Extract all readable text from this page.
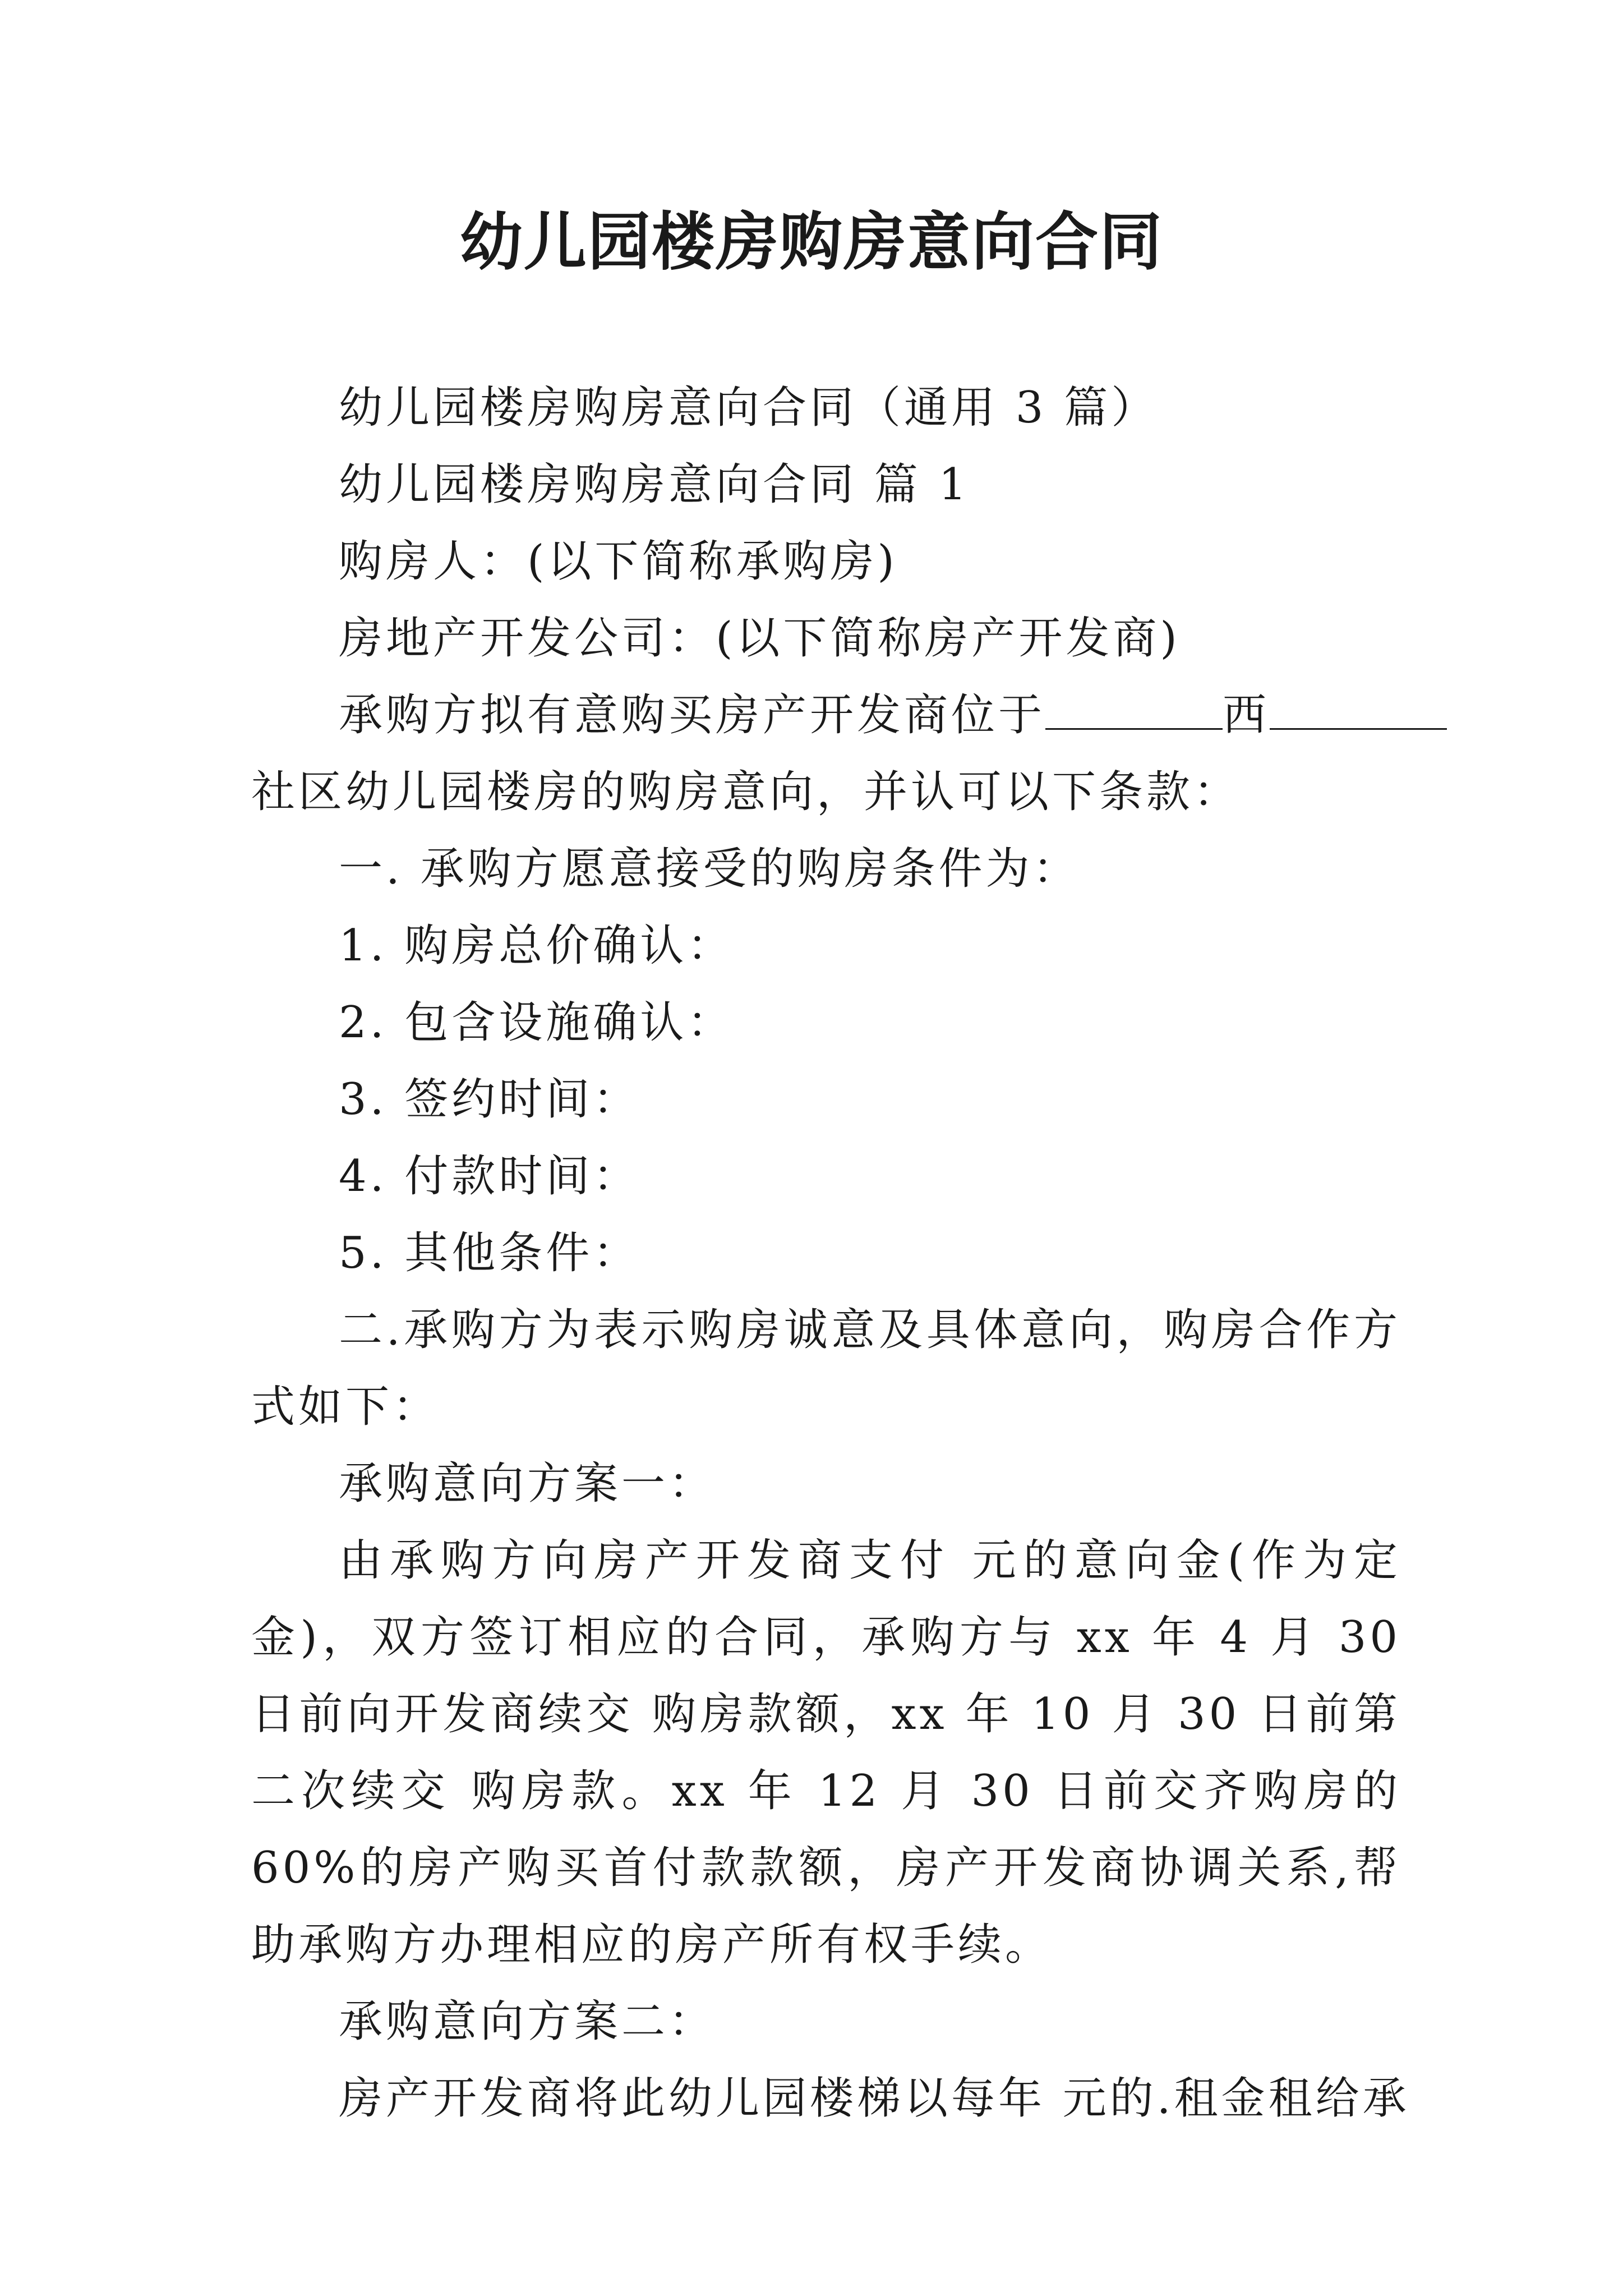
幼儿园楼房购房意向合同

幼儿园楼房购房意向合同（通用 3 篇）

幼儿园楼房购房意向合同 篇 1

购房人：(以下简称承购房)

房地产开发公司：(以下简称房产开发商)

承购方拟有意购买房产开发商位于	西

社区幼儿园楼房的购房意向，并认可以下条款：

一. 承购方愿意接受的购房条件为：

1. 购房总价确认：

2. 包含设施确认：

3. 签约时间：

4. 付款时间：

5. 其他条件：

二.承购方为表示购房诚意及具体意向，购房合作方式如下：

承购意向方案一：

由承购方向房产开发商支付 元的意向金(作为定金)，双方签订相应的合同，承购方与 xx 年 4 月 30 日前向开发商续交 购房款额，xx 年 10 月 30 日前第二次续交 购房款。xx 年 12 月 30 日前交齐购房的 60%的房产购买首付款款额，房产开发商协调关系,帮助承购方办理相应的房产所有权手续。

承购意向方案二：

房产开发商将此幼儿园楼梯以每年 元的.租金租给承
